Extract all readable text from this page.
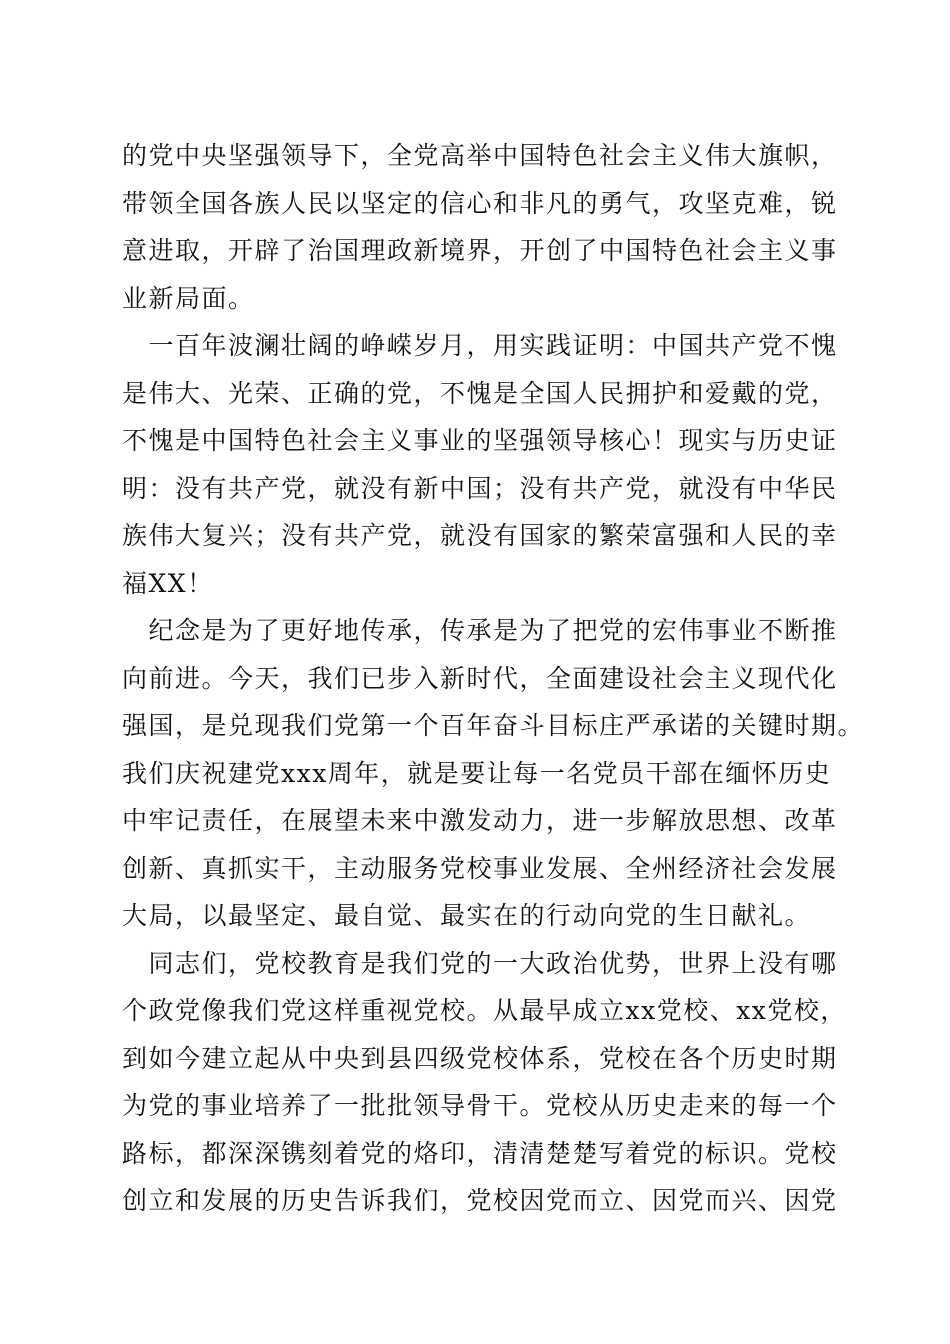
的党中央坚强领导下，全党高举中国特色社会主义伟大旗帜，
带领全国各族人民以坚定的信心和非凡的勇气，攻坚克难，锐
意进取，开辟了治国理政新境界，开创了中国特色社会主义事
业新局面。
　一百年波澜壮阔的峥嵘岁月，用实践证明：中国共产党不愧
是伟大、光荣、正确的党，不愧是全国人民拥护和爱戴的党，
不愧是中国特色社会主义事业的坚强领导核心！现实与历史证
明：没有共产党，就没有新中国；没有共产党，就没有中华民
族伟大复兴；没有共产党，就没有国家的繁荣富强和人民的幸
福XX！
　纪念是为了更好地传承，传承是为了把党的宏伟事业不断推
向前进。今天，我们已步入新时代，全面建设社会主义现代化
强国，是兑现我们党第一个百年奋斗目标庄严承诺的关键时期。
我们庆祝建党xxx周年，就是要让每一名党员干部在缅怀历史
中牢记责任，在展望未来中激发动力，进一步解放思想、改革
创新、真抓实干，主动服务党校事业发展、全州经济社会发展
大局，以最坚定、最自觉、最实在的行动向党的生日献礼。
　同志们，党校教育是我们党的一大政治优势，世界上没有哪
个政党像我们党这样重视党校。从最早成立xx党校、xx党校，
到如今建立起从中央到县四级党校体系，党校在各个历史时期
为党的事业培养了一批批领导骨干。党校从历史走来的每一个
路标，都深深镌刻着党的烙印，清清楚楚写着党的标识。党校
创立和发展的历史告诉我们，党校因党而立、因党而兴、因党
